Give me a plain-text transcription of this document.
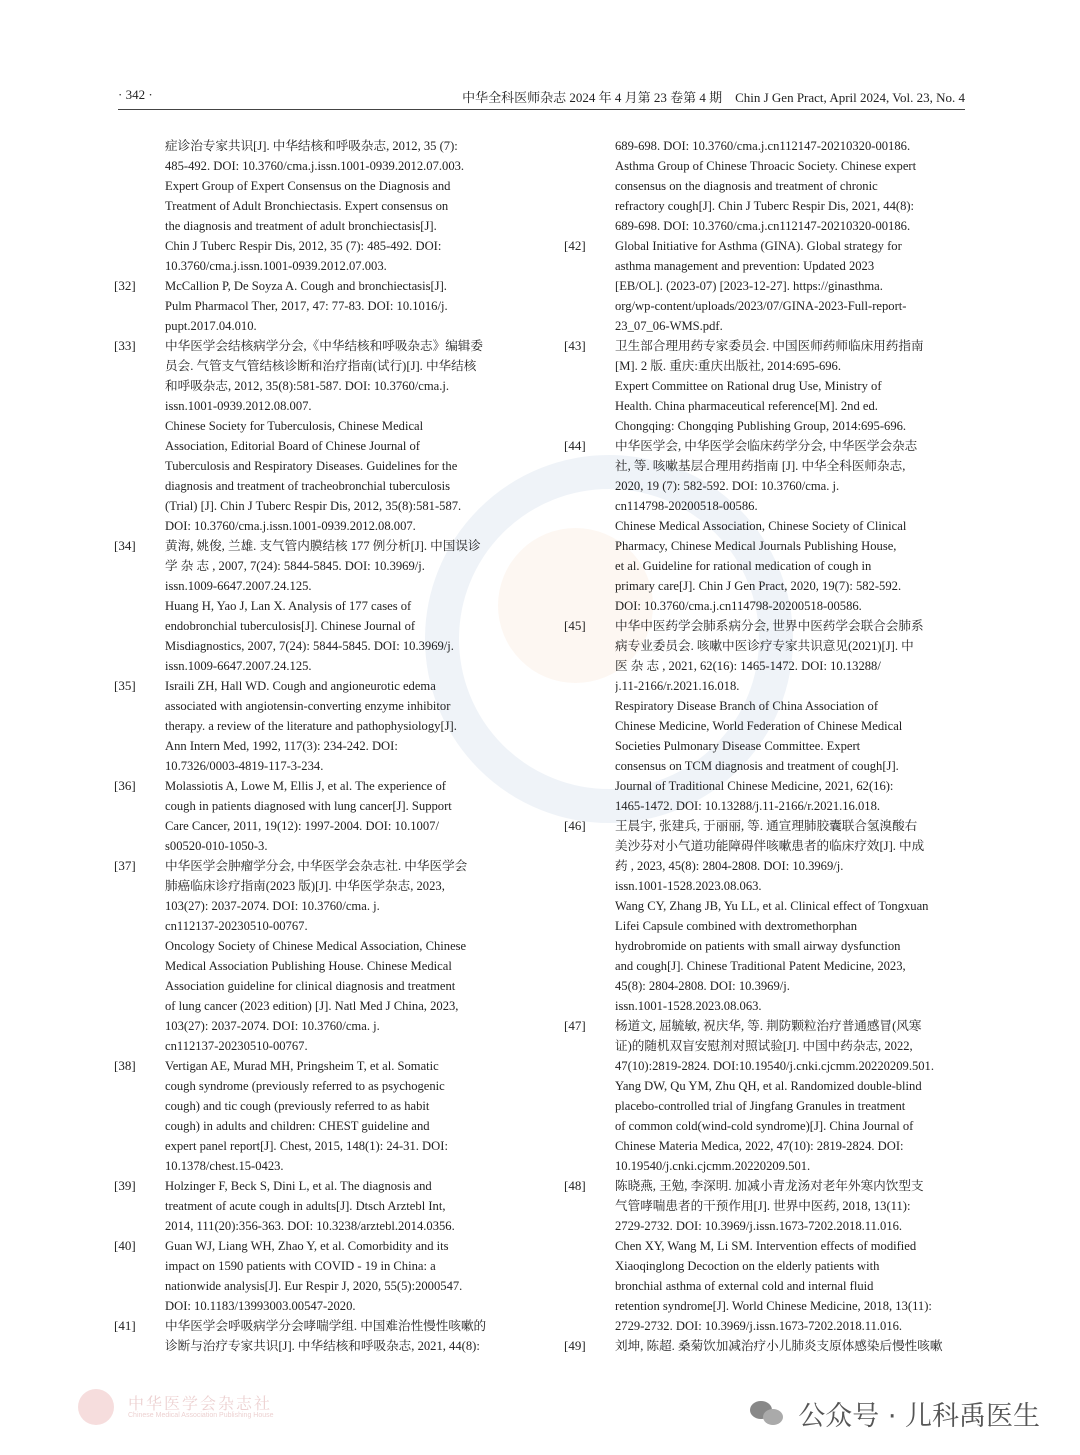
· 342 ·	中华全科医师杂志 2024 年 4 月第 23 卷第 4 期　Chin J Gen Pract, April 2024, Vol. 23, No. 4
症诊治专家共识[J]. 中华结核和呼吸杂志, 2012, 35 (7):
485-492. DOI: 10.3760/cma.j.issn.1001-0939.2012.07.003.
Expert Group of Expert Consensus on the Diagnosis and
Treatment of Adult Bronchiectasis. Expert consensus on
the diagnosis and treatment of adult bronchiectasis[J].
Chin J Tuberc Respir Dis, 2012, 35 (7): 485-492. DOI:
10.3760/cma.j.issn.1001-0939.2012.07.003.
[32]	McCallion P, De Soyza A. Cough and bronchiectasis[J].
Pulm Pharmacol Ther, 2017, 47: 77-83. DOI: 10.1016/j.
pupt.2017.04.010.
[33]	中华医学会结核病学分会,《中华结核和呼吸杂志》编辑委
员会. 气管支气管结核诊断和治疗指南(试行)[J]. 中华结核
和呼吸杂志, 2012, 35(8):581-587. DOI: 10.3760/cma.j.
issn.1001-0939.2012.08.007.
Chinese Society for Tuberculosis, Chinese Medical
Association, Editorial Board of Chinese Journal of
Tuberculosis and Respiratory Diseases. Guidelines for the
diagnosis and treatment of tracheobronchial tuberculosis
(Trial) [J]. Chin J Tuberc Respir Dis, 2012, 35(8):581-587.
DOI: 10.3760/cma.j.issn.1001-0939.2012.08.007.
[34]	黄海, 姚俊, 兰雄. 支气管内膜结核 177 例分析[J]. 中国误诊
学 杂 志 , 2007, 7(24): 5844-5845. DOI: 10.3969/j.
issn.1009-6647.2007.24.125.
Huang H, Yao J, Lan X. Analysis of 177 cases of
endobronchial tuberculosis[J]. Chinese Journal of
Misdiagnostics, 2007, 7(24): 5844-5845. DOI: 10.3969/j.
issn.1009-6647.2007.24.125.
[35]	Israili ZH, Hall WD. Cough and angioneurotic edema
associated with angiotensin-converting enzyme inhibitor
therapy. a review of the literature and pathophysiology[J].
Ann Intern Med, 1992, 117(3): 234-242. DOI:
10.7326/0003-4819-117-3-234.
[36]	Molassiotis A, Lowe M, Ellis J, et al. The experience of
cough in patients diagnosed with lung cancer[J]. Support
Care Cancer, 2011, 19(12): 1997-2004. DOI: 10.1007/
s00520-010-1050-3.
[37]	中华医学会肿瘤学分会, 中华医学会杂志社. 中华医学会
肺癌临床诊疗指南(2023 版)[J]. 中华医学杂志, 2023,
103(27): 2037-2074. DOI: 10.3760/cma. j.
cn112137-20230510-00767.
Oncology Society of Chinese Medical Association, Chinese
Medical Association Publishing House. Chinese Medical
Association guideline for clinical diagnosis and treatment
of lung cancer (2023 edition) [J]. Natl Med J China, 2023,
103(27): 2037-2074. DOI: 10.3760/cma. j.
cn112137-20230510-00767.
[38]	Vertigan AE, Murad MH, Pringsheim T, et al. Somatic
cough syndrome (previously referred to as psychogenic
cough) and tic cough (previously referred to as habit
cough) in adults and children: CHEST guideline and
expert panel report[J]. Chest, 2015, 148(1): 24-31. DOI:
10.1378/chest.15-0423.
[39]	Holzinger F, Beck S, Dini L, et al. The diagnosis and
treatment of acute cough in adults[J]. Dtsch Arztebl Int,
2014, 111(20):356-363. DOI: 10.3238/arztebl.2014.0356.
[40]	Guan WJ, Liang WH, Zhao Y, et al. Comorbidity and its
impact on 1590 patients with COVID - 19 in China: a
nationwide analysis[J]. Eur Respir J, 2020, 55(5):2000547.
DOI: 10.1183/13993003.00547-2020.
[41]	中华医学会呼吸病学分会哮喘学组. 中国难治性慢性咳嗽的
诊断与治疗专家共识[J]. 中华结核和呼吸杂志, 2021, 44(8):
689-698. DOI: 10.3760/cma.j.cn112147-20210320-00186.
Asthma Group of Chinese Throacic Society. Chinese expert
consensus on the diagnosis and treatment of chronic
refractory cough[J]. Chin J Tuberc Respir Dis, 2021, 44(8):
689-698. DOI: 10.3760/cma.j.cn112147-20210320-00186.
[42]	Global Initiative for Asthma (GINA). Global strategy for
asthma management and prevention: Updated 2023
[EB/OL]. (2023-07) [2023-12-27]. https://ginasthma.
org/wp-content/uploads/2023/07/GINA-2023-Full-report-
23_07_06-WMS.pdf.
[43]	卫生部合理用药专家委员会. 中国医师药师临床用药指南
[M]. 2 版. 重庆:重庆出版社, 2014:695-696.
Expert Committee on Rational drug Use, Ministry of
Health. China pharmaceutical reference[M]. 2nd ed.
Chongqing: Chongqing Publishing Group, 2014:695-696.
[44]	中华医学会, 中华医学会临床药学分会, 中华医学会杂志
社, 等. 咳嗽基层合理用药指南 [J]. 中华全科医师杂志,
2020, 19 (7): 582-592. DOI: 10.3760/cma. j.
cn114798-20200518-00586.
Chinese Medical Association, Chinese Society of Clinical
Pharmacy, Chinese Medical Journals Publishing House,
et al. Guideline for rational medication of cough in
primary care[J]. Chin J Gen Pract, 2020, 19(7): 582-592.
DOI: 10.3760/cma.j.cn114798-20200518-00586.
[45]	中华中医药学会肺系病分会, 世界中医药学会联合会肺系
病专业委员会. 咳嗽中医诊疗专家共识意见(2021)[J]. 中
医 杂 志 , 2021, 62(16): 1465-1472. DOI: 10.13288/
j.11-2166/r.2021.16.018.
Respiratory Disease Branch of China Association of
Chinese Medicine, World Federation of Chinese Medical
Societies Pulmonary Disease Committee. Expert
consensus on TCM diagnosis and treatment of cough[J].
Journal of Traditional Chinese Medicine, 2021, 62(16):
1465-1472. DOI: 10.13288/j.11-2166/r.2021.16.018.
[46]	王晨宇, 张建兵, 于丽丽, 等. 通宣理肺胶囊联合氢溴酸右
美沙芬对小气道功能障碍伴咳嗽患者的临床疗效[J]. 中成
药 , 2023, 45(8): 2804-2808. DOI: 10.3969/j.
issn.1001-1528.2023.08.063.
Wang CY, Zhang JB, Yu LL, et al. Clinical effect of Tongxuan
Lifei Capsule combined with dextromethorphan
hydrobromide on patients with small airway dysfunction
and cough[J]. Chinese Traditional Patent Medicine, 2023,
45(8): 2804-2808. DOI: 10.3969/j.
issn.1001-1528.2023.08.063.
[47]	杨道文, 屈毓敏, 祝庆华, 等. 荆防颗粒治疗普通感冒(风寒
证)的随机双盲安慰剂对照试验[J]. 中国中药杂志, 2022,
47(10):2819-2824. DOI:10.19540/j.cnki.cjcmm.20220209.501.
Yang DW, Qu YM, Zhu QH, et al. Randomized double-blind
placebo-controlled trial of Jingfang Granules in treatment
of common cold(wind-cold syndrome)[J]. China Journal of
Chinese Materia Medica, 2022, 47(10): 2819-2824. DOI:
10.19540/j.cnki.cjcmm.20220209.501.
[48]	陈晓燕, 王勉, 李深明. 加减小青龙汤对老年外寒内饮型支
气管哮喘患者的干预作用[J]. 世界中医药, 2018, 13(11):
2729-2732. DOI: 10.3969/j.issn.1673-7202.2018.11.016.
Chen XY, Wang M, Li SM. Intervention effects of modified
Xiaoqinglong Decoction on the elderly patients with
bronchial asthma of external cold and internal fluid
retention syndrome[J]. World Chinese Medicine, 2018, 13(11):
2729-2732. DOI: 10.3969/j.issn.1673-7202.2018.11.016.
[49]	刘坤, 陈超. 桑菊饮加减治疗小儿肺炎支原体感染后慢性咳嗽
中华医学会杂志社
Chinese Medical Association Publishing House	公众号 · 儿科禹医生
